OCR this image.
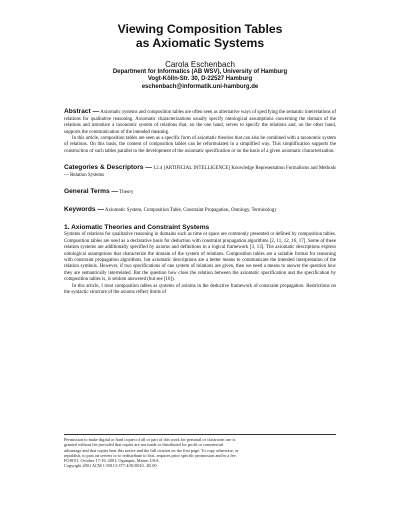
Viewing Composition Tables
as Axiomatic Systems
Carola Eschenbach
Department for Informatics (AB WSV), University of Hamburg
Vogt-Kölln-Str. 30, D-22527 Hamburg
eschenbach@informatik.uni-hamburg.de

Abstract — Axiomatic systems and composition tables are often seen as alternative ways of specifying the semantic interrelations of relations for qualitative reasoning. Axiomatic characterizations usually specify ontological assumptions concerning the domain of the relations and introduce a taxonomic system of relations that, on the one hand, serves to specify the relations and, on the other hand, supports the communication of the intended meaning.

In this article, composition tables are seen as a specific form of axiomatic theories that can also be combined with a taxonomic system of relations. On this basis, the content of composition tables can be reformulated in a simplified way. This simplification supports the construction of such tables parallel to the development of the axiomatic specification or on the basis of a given axiomatic characterization.

Categories & Descriptors — I.2.4 [ARTIFICIAL INTELLIGENCE] Knowledge Representation Formalisms and Methods — Relation Systems

General Terms — Theory

Keywords — Axiomatic System, Composition Table, Constraint Propagation, Ontology, Terminology

1. Axiomatic Theories and Constraint Systems

Systems of relations for qualitative reasoning in domains such as time or space are commonly presented or defined by composition tables. Composition tables are used as a declarative basis for deduction with constraint propagation algorithms [2, 11, 12, 16, 17]. Some of these relation systems are additionally specified by axioms and definitions in a logical framework [3, 13]. The axiomatic descriptions express ontological assumptions that characterize the domain of the system of relations. Composition tables are a suitable format for reasoning with constraint propagation algorithms, but axiomatic descriptions are a better means to communicate the intended interpretation of the relation symbols. However, if two specifications of one system of relations are given, then we need a means to answer the question how they are semantically interrelated. But the question how close the relation between the axiomatic specification and the specification by composition tables is, is seldom answered (but see [16]).

In this article, I treat composition tables as systems of axioms in the deductive framework of constraint propagation. Restrictions on the syntactic structure of the axioms reflect limits of

Permission to make digital or hard copies of all or part of this work for personal or classroom use is
granted without fee provided that copies are not made or distributed for profit or commercial
advantage and that copies bear this notice and the full citation on the first page. To copy otherwise, or
republish, to post on servers or to redistribute to lists, requires prior specific permission and/or a fee.
FOIS'01, October 17-19, 2001, Ogunquit, Maine, USA.
Copyright 2001 ACM 1-58113-377-4/01/0010...$5.00.
